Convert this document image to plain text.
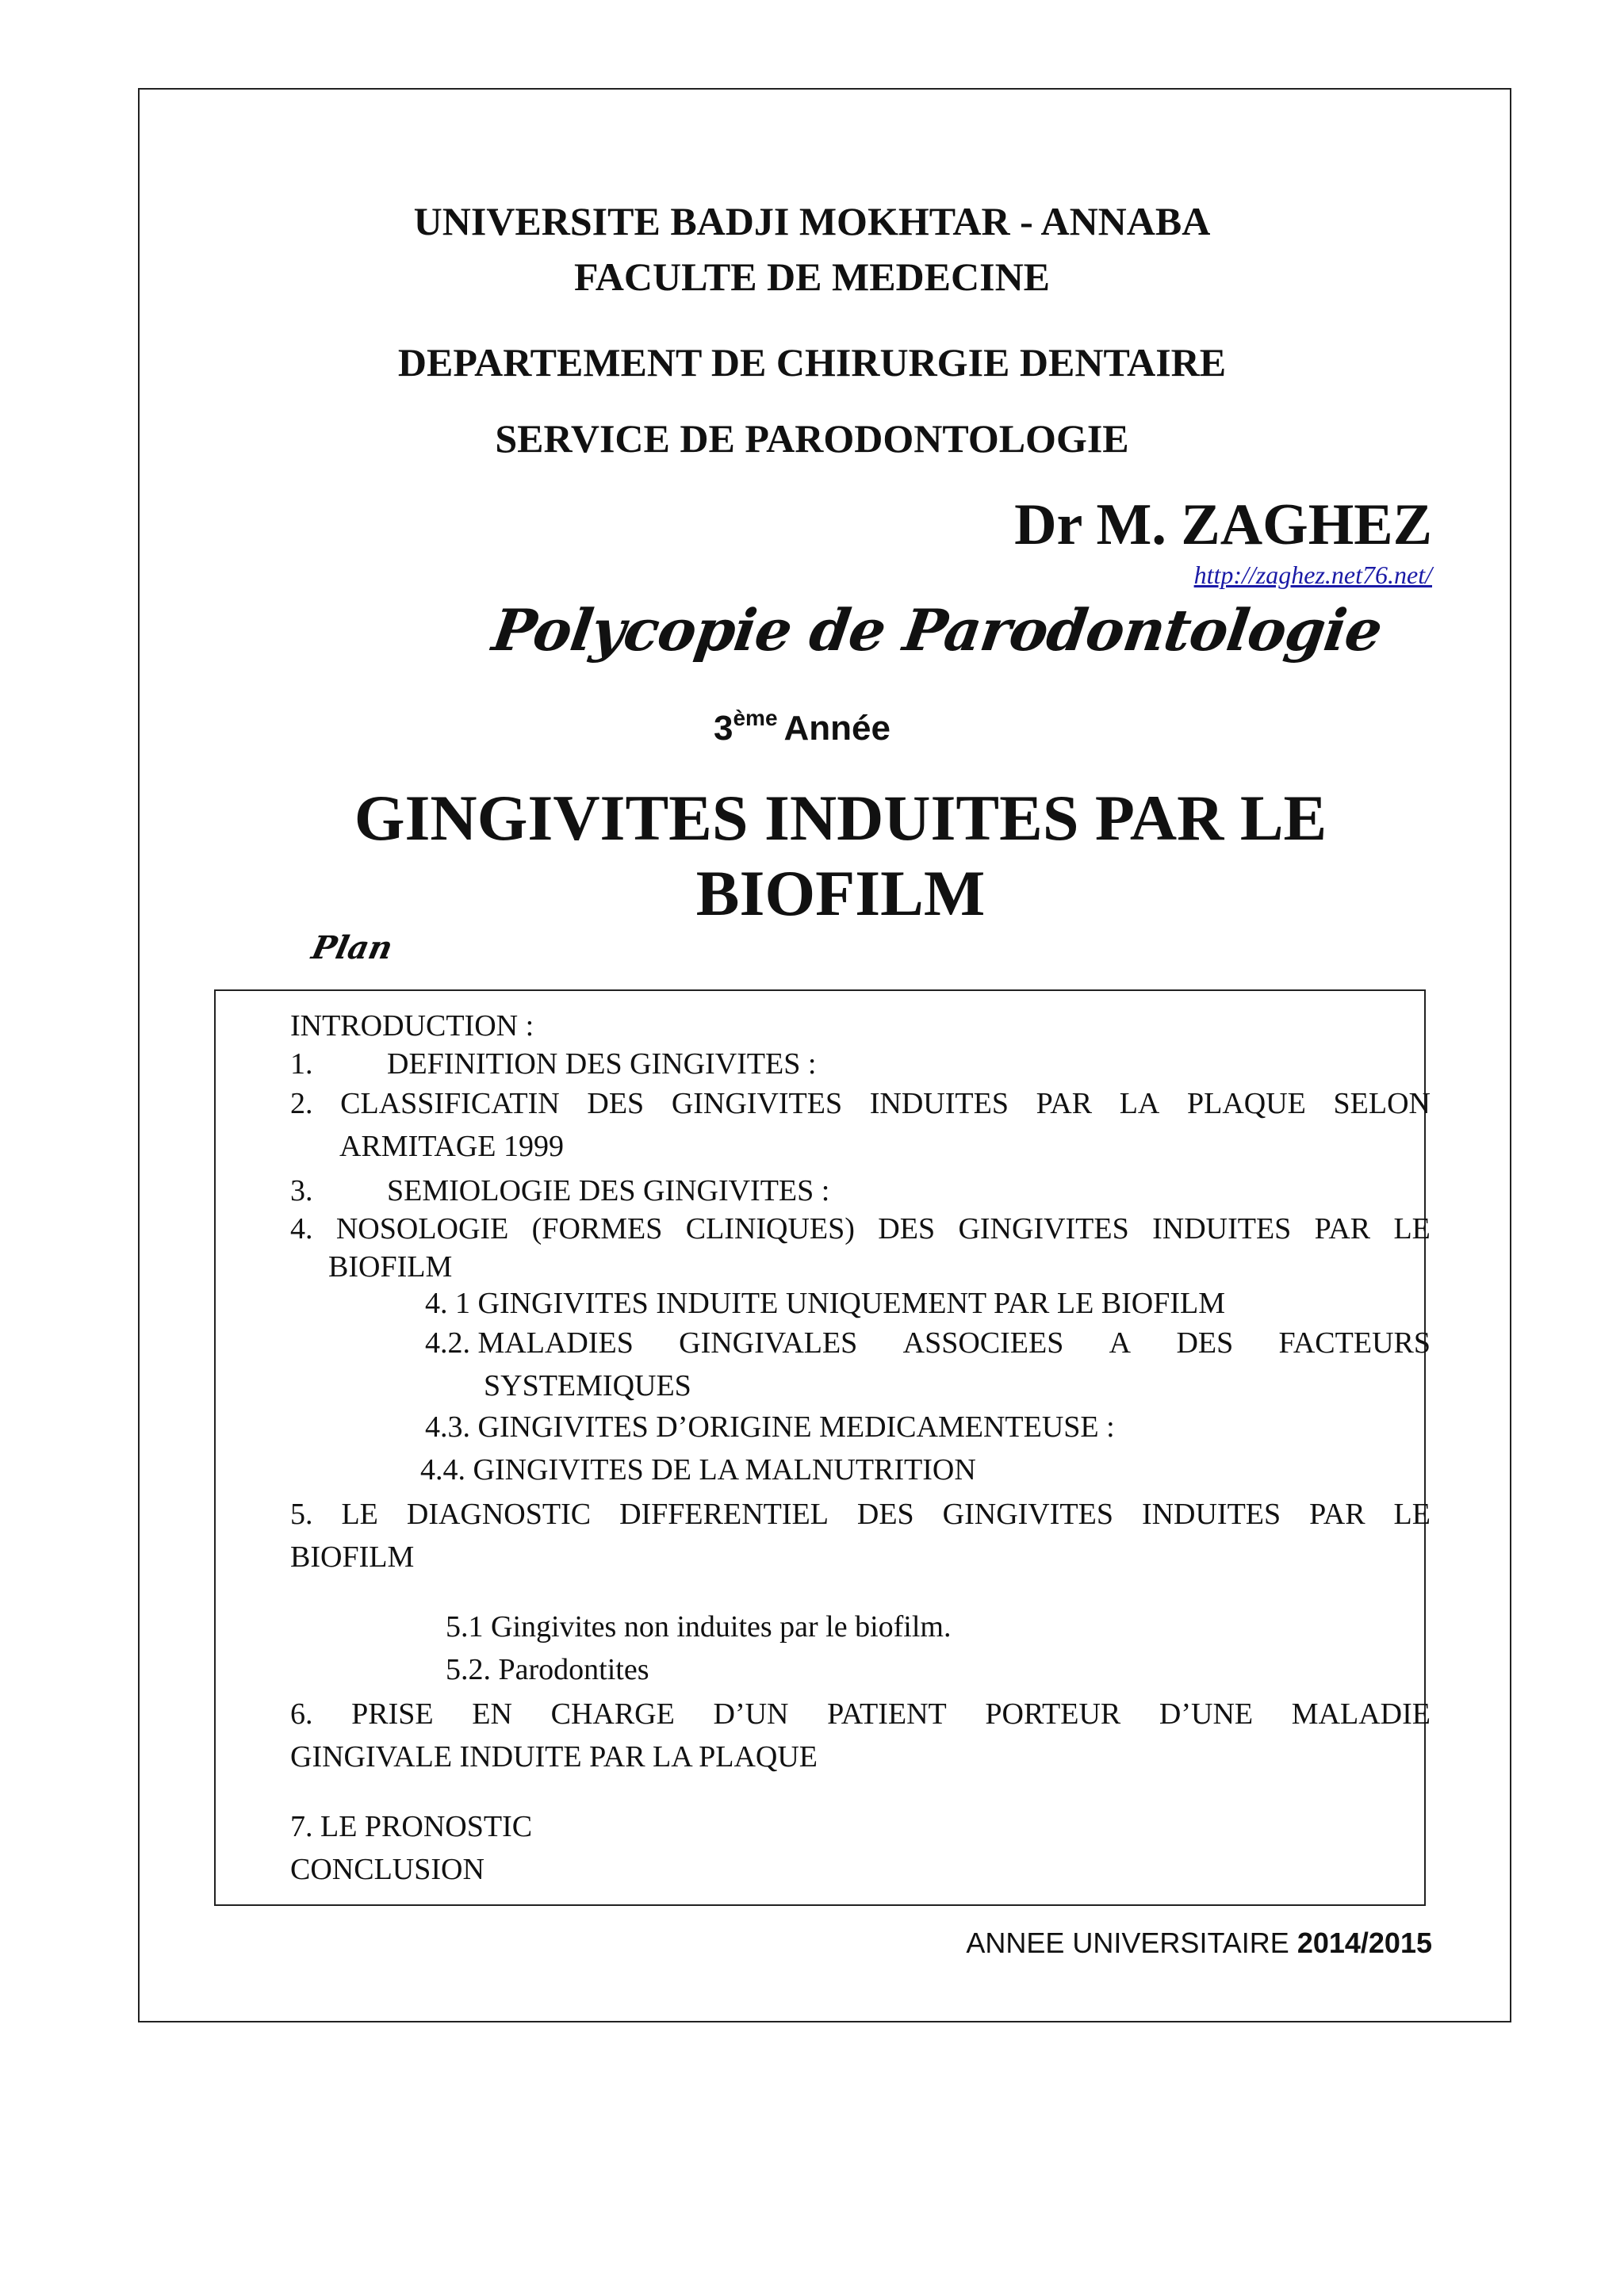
UNIVERSITE BADJI MOKHTAR - ANNABA
FACULTE DE MEDECINE
DEPARTEMENT DE CHIRURGIE DENTAIRE
SERVICE DE PARODONTOLOGIE
Dr M. ZAGHEZ
http://zaghez.net76.net/
Polycopie de Parodontologie
3ème Année
GINGIVITES INDUITES PAR LE
BIOFILM
Plan
INTRODUCTION :
1. DEFINITION DES GINGIVITES :
2. CLASSIFICATIN DES GINGIVITES INDUITES PAR LA PLAQUE SELON
ARMITAGE 1999
3. SEMIOLOGIE DES GINGIVITES :
4. NOSOLOGIE (FORMES CLINIQUES) DES GINGIVITES INDUITES PAR LE
BIOFILM
4. 1 GINGIVITES INDUITE UNIQUEMENT PAR LE BIOFILM
4.2. MALADIES GINGIVALES ASSOCIEES A DES FACTEURS
SYSTEMIQUES
4.3. GINGIVITES D’ORIGINE MEDICAMENTEUSE :
4.4. GINGIVITES DE LA MALNUTRITION
5. LE DIAGNOSTIC DIFFERENTIEL DES GINGIVITES INDUITES PAR LE
BIOFILM
5.1 Gingivites non induites par le biofilm.
5.2. Parodontites
6. PRISE EN CHARGE D’UN PATIENT PORTEUR D’UNE MALADIE
GINGIVALE INDUITE PAR LA PLAQUE
7. LE PRONOSTIC
CONCLUSION
ANNEE UNIVERSITAIRE 2014/2015
